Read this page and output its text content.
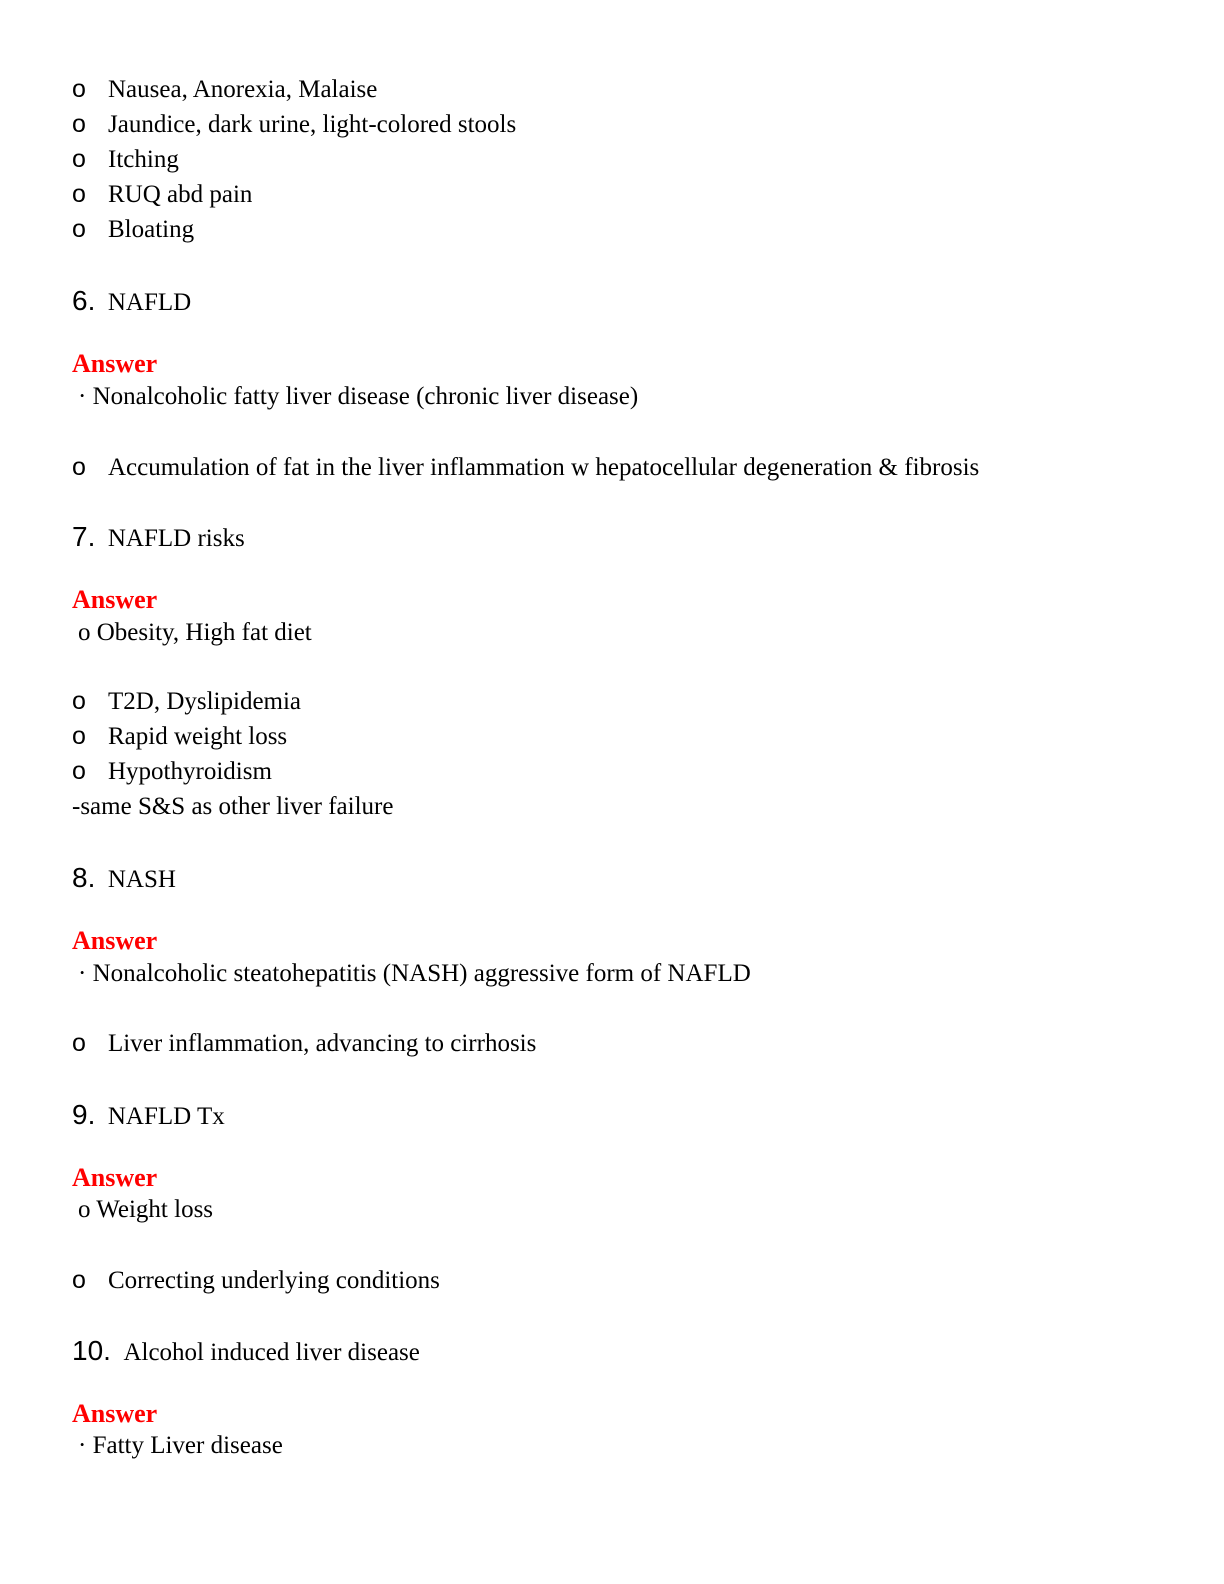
o Nausea, Anorexia, Malaise
o Jaundice, dark urine, light-colored stools
o Itching
o RUQ abd pain
o Bloating
6. NAFLD
Answer
· Nonalcoholic fatty liver disease (chronic liver disease)
o Accumulation of fat in the liver inflammation w hepatocellular degeneration & fibrosis
7. NAFLD risks
Answer
o Obesity, High fat diet
o T2D, Dyslipidemia
o Rapid weight loss
o Hypothyroidism
-same S&S as other liver failure
8. NASH
Answer
· Nonalcoholic steatohepatitis (NASH) aggressive form of NAFLD
o Liver inflammation, advancing to cirrhosis
9. NAFLD Tx
Answer
o Weight loss
o Correcting underlying conditions
10. Alcohol induced liver disease
Answer
· Fatty Liver disease
